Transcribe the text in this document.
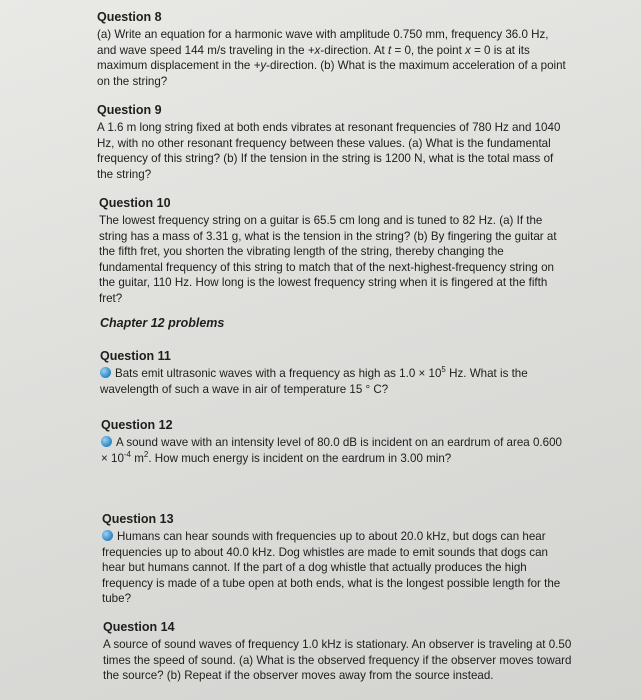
Question 8

(a) Write an equation for a harmonic wave with amplitude 0.750 mm, frequency 36.0 Hz, and wave speed 144 m/s traveling in the +x-direction. At t = 0, the point x = 0 is at its maximum displacement in the +y-direction. (b) What is the maximum acceleration of a point on the string?

Question 9

A 1.6 m long string fixed at both ends vibrates at resonant frequencies of 780 Hz and 1040 Hz, with no other resonant frequency between these values. (a) What is the fundamental frequency of this string? (b) If the tension in the string is 1200 N, what is the total mass of the string?

Question 10

The lowest frequency string on a guitar is 65.5 cm long and is tuned to 82 Hz. (a) If the string has a mass of 3.31 g, what is the tension in the string? (b) By fingering the guitar at the fifth fret, you shorten the vibrating length of the string, thereby changing the fundamental frequency of this string to match that of the next-highest-frequency string on the guitar, 110 Hz. How long is the lowest frequency string when it is fingered at the fifth fret?

Chapter 12 problems
Question 11

Bats emit ultrasonic waves with a frequency as high as $1.0 \times 10^5$ Hz. What is the wavelength of such a wave in air of temperature 15 ° C?

Question 12

A sound wave with an intensity level of 80.0 dB is incident on an eardrum of area $0.600 \times 10^{-4}$ $m^2$. How much energy is incident on the eardrum in 3.00 min?

Question 13

Humans can hear sounds with frequencies up to about 20.0 kHz, but dogs can hear frequencies up to about 40.0 kHz. Dog whistles are made to emit sounds that dogs can hear but humans cannot. If the part of a dog whistle that actually produces the high frequency is made of a tube open at both ends, what is the longest possible length for the tube?

Question 14

A source of sound waves of frequency 1.0 kHz is stationary. An observer is traveling at 0.50 times the speed of sound. (a) What is the observed frequency if the observer moves toward the source? (b) Repeat if the observer moves away from the source instead.
